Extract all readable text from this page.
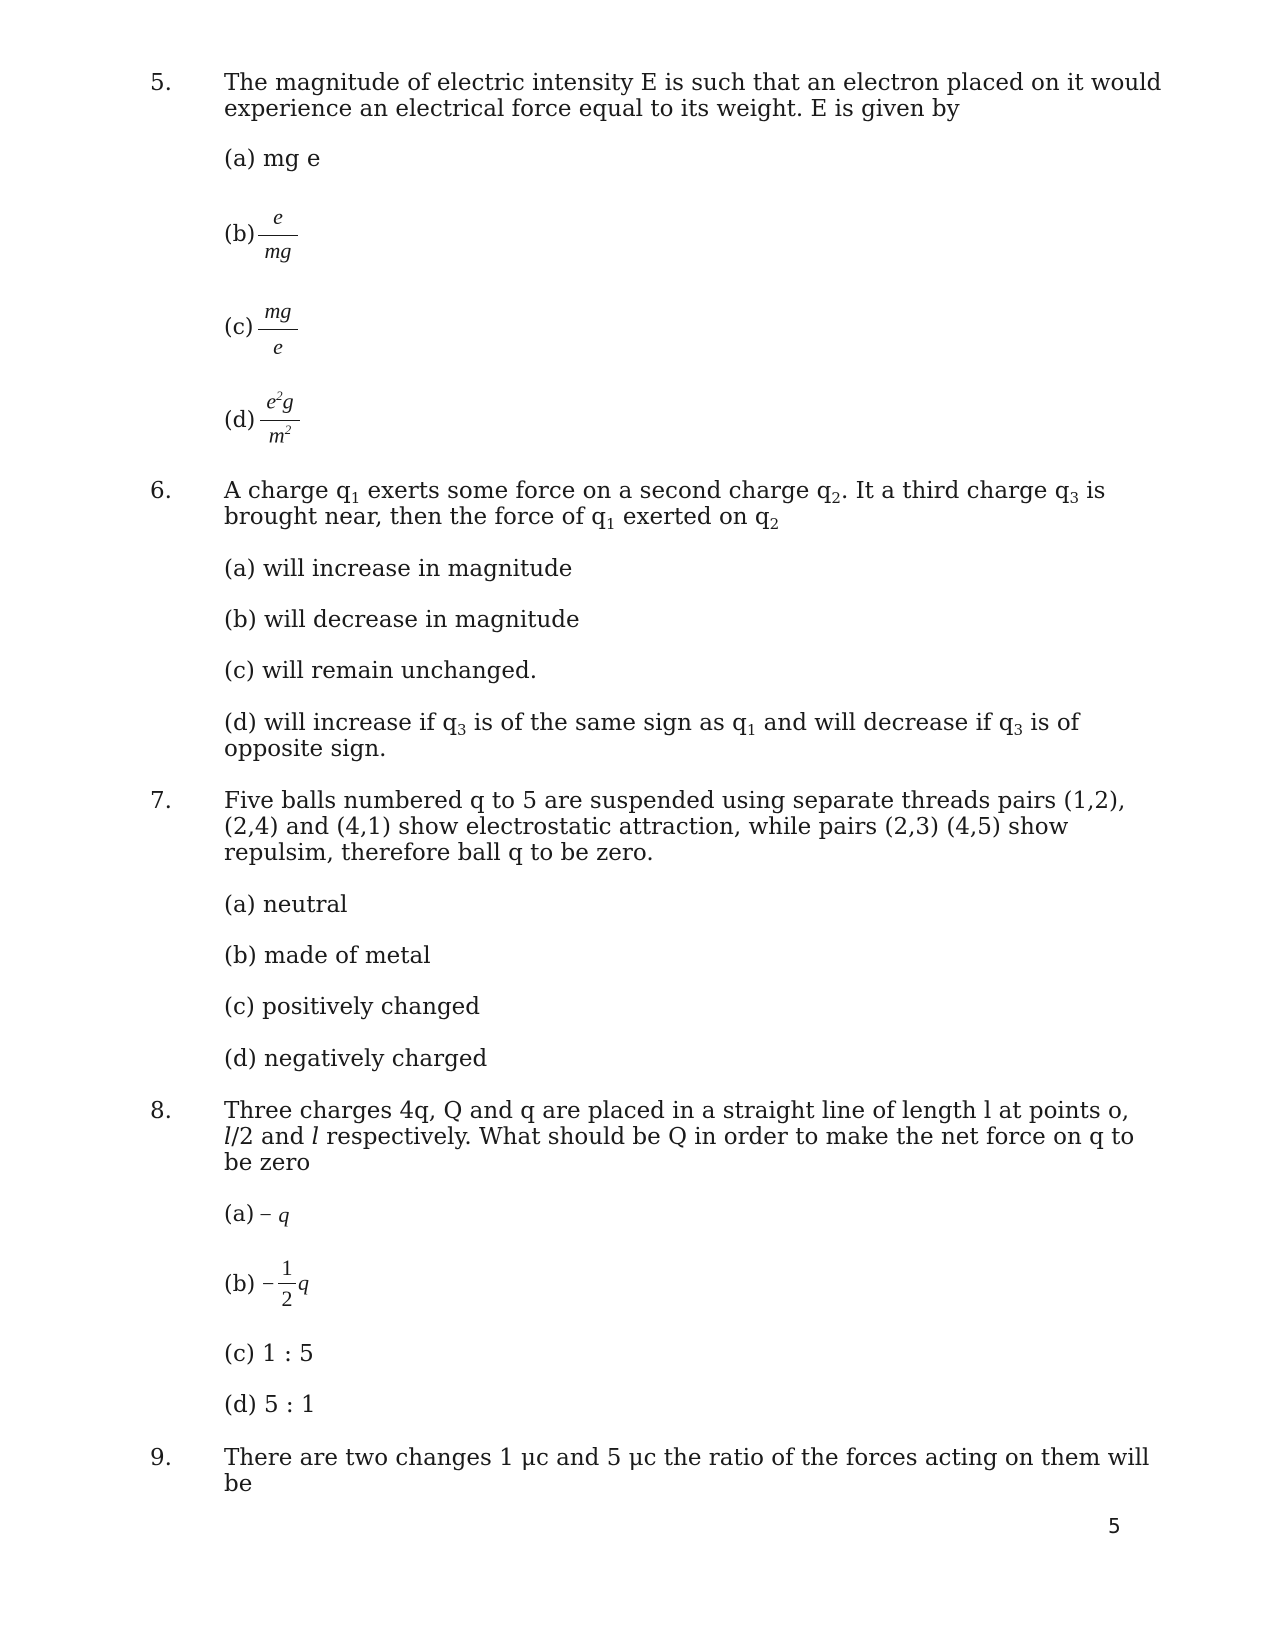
5. The magnitude of electric intensity E is such that an electron placed on it would
experience an electrical force equal to its weight. E is given by
(a) mg e
(b)
e
mg
(c)
mg
e
(d)
$e^2g$
$m^2$
6. A charge $q_1$ exerts some force on a second charge $q_2$. It a third charge $q_3$ is
brought near, then the force of $q_1$ exerted on $q_2$
(a) will increase in magnitude
(b) will decrease in magnitude
(c) will remain unchanged.
(d) will increase if $q_3$ is of the same sign as $q_1$ and will decrease if $q_3$ is of
opposite sign.
7. Five balls numbered q to 5 are suspended using separate threads pairs (1,2),
(2,4) and (4,1) show electrostatic attraction, while pairs (2,3) (4,5) show
repulsim, therefore ball q to be zero.
(a) neutral
(b) made of metal
(c) positively changed
(d) negatively charged
8. Three charges 4q, Q and q are placed in a straight line of length l at points o,
l/2 and l respectively. What should be Q in order to make the net force on q to
be zero
(a) − q
(b) −
1
2
q
(c) 1 : 5
(d) 5 : 1
9. There are two changes 1 μc and 5 μc the ratio of the forces acting on them will
be
5
